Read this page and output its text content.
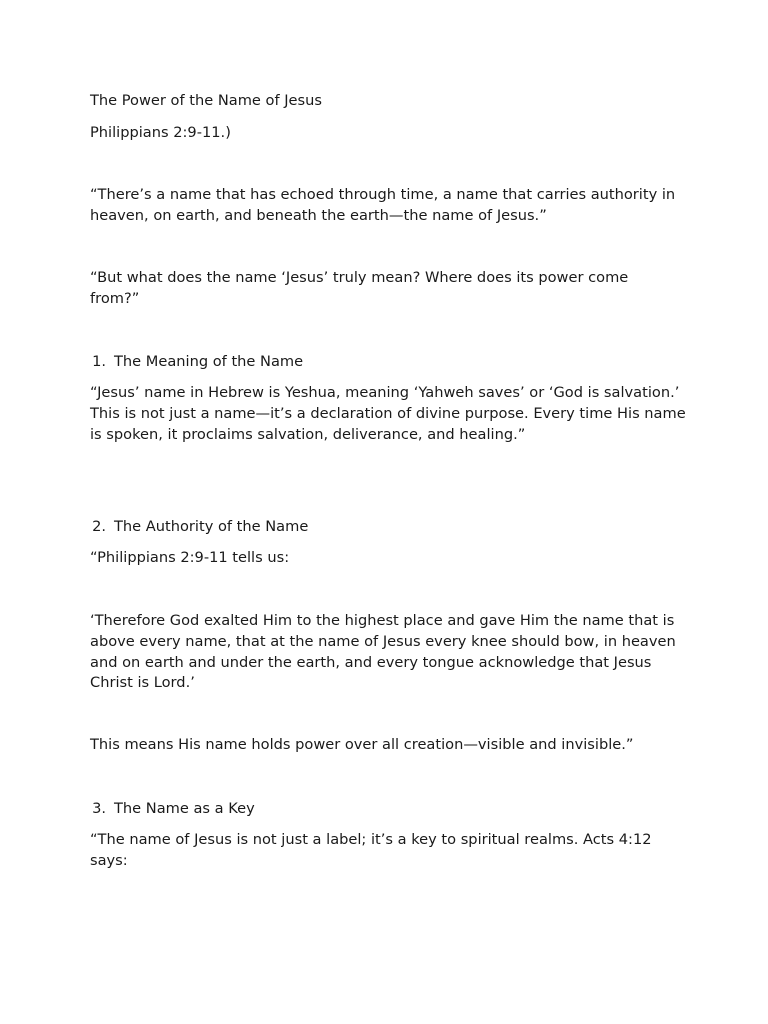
The Power of the Name of Jesus

Philippians 2:9-11.)

“There’s a name that has echoed through time, a name that carries authority in heaven, on earth, and beneath the earth—the name of Jesus.”

“But what does the name ‘Jesus’ truly mean? Where does its power come from?”

1. The Meaning of the Name

“Jesus’ name in Hebrew is Yeshua, meaning ‘Yahweh saves’ or ‘God is salvation.’ This is not just a name—it’s a declaration of divine purpose. Every time His name is spoken, it proclaims salvation, deliverance, and healing.”

2. The Authority of the Name

“Philippians 2:9-11 tells us:

‘Therefore God exalted Him to the highest place and gave Him the name that is above every name, that at the name of Jesus every knee should bow, in heaven and on earth and under the earth, and every tongue acknowledge that Jesus Christ is Lord.’

This means His name holds power over all creation—visible and invisible.”

3. The Name as a Key

“The name of Jesus is not just a label; it’s a key to spiritual realms. Acts 4:12 says:
